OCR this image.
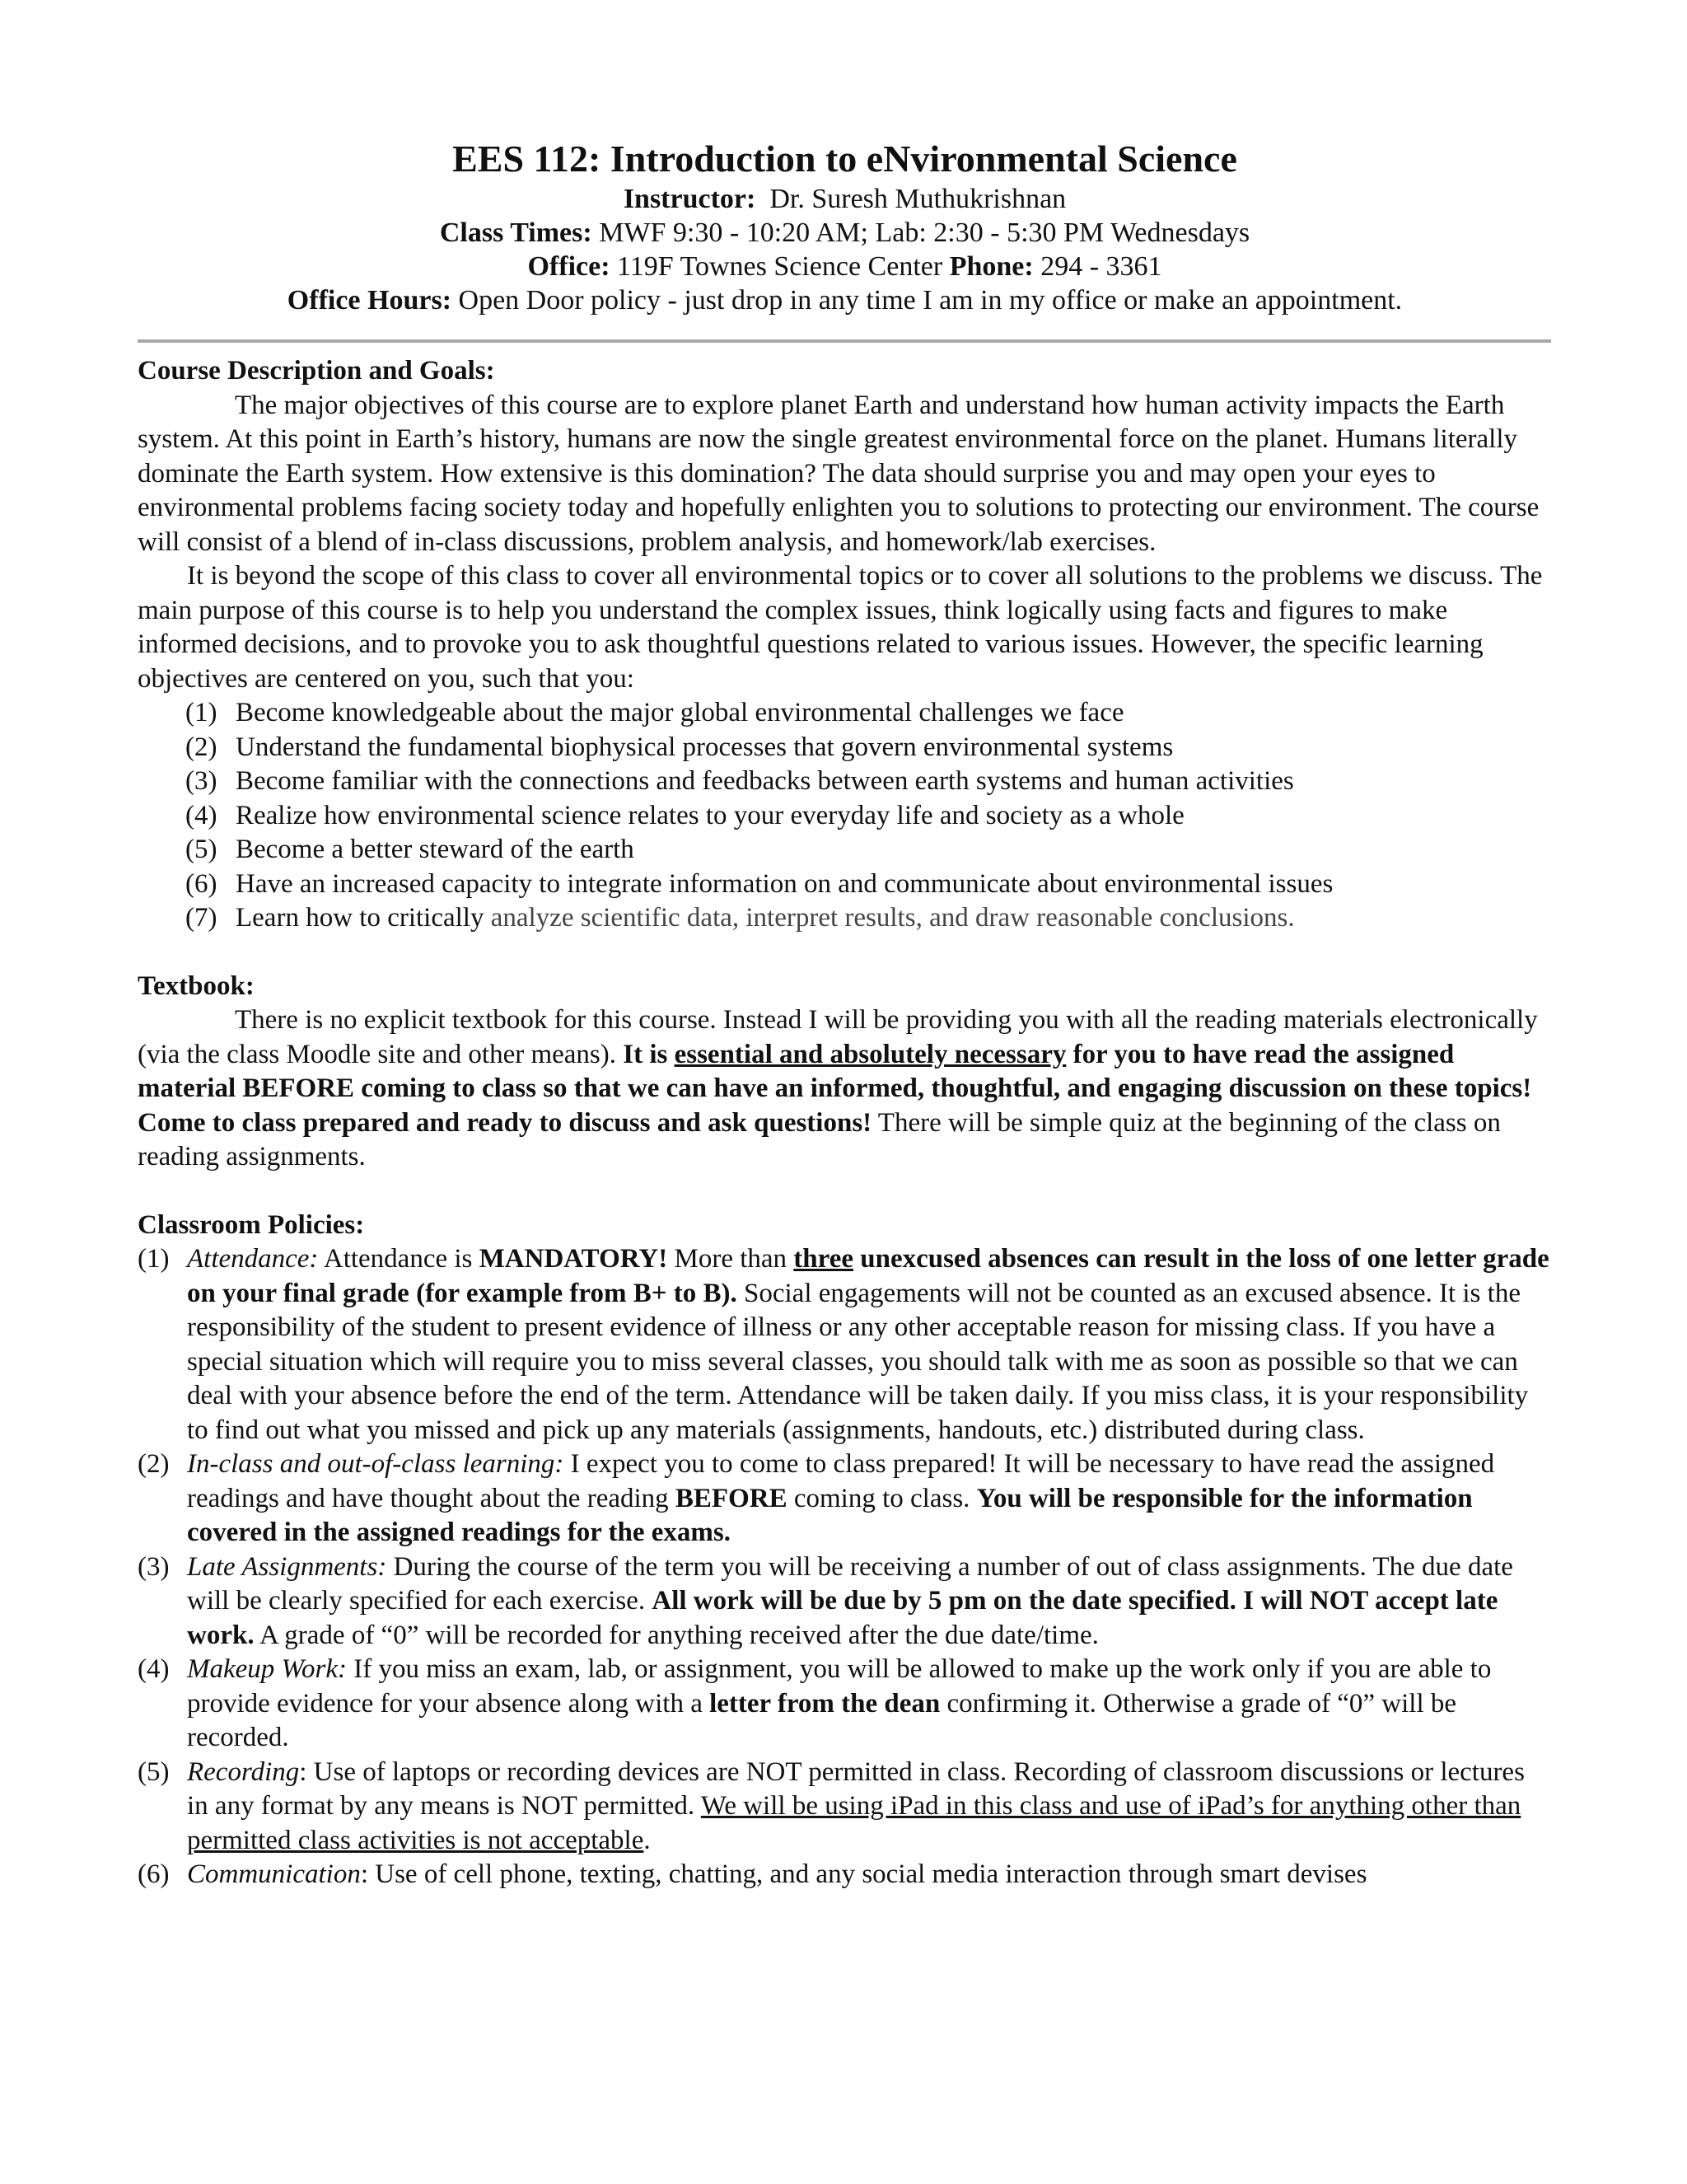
EES 112: Introduction to eNvironmental Science

Instructor: Dr. Suresh Muthukrishnan

Class Times: MWF 9:30 - 10:20 AM; Lab: 2:30 - 5:30 PM Wednesdays

Office: 119F Townes Science Center Phone: 294 - 3361

Office Hours: Open Door policy - just drop in any time I am in my office or make an appointment.

Course Description and Goals:

The major objectives of this course are to explore planet Earth and understand how human activity impacts the Earth system. At this point in Earth’s history, humans are now the single greatest environmental force on the planet. Humans literally dominate the Earth system. How extensive is this domination? The data should surprise you and may open your eyes to environmental problems facing society today and hopefully enlighten you to solutions to protecting our environment. The course will consist of a blend of in-class discussions, problem analysis, and homework/lab exercises.

It is beyond the scope of this class to cover all environmental topics or to cover all solutions to the problems we discuss. The main purpose of this course is to help you understand the complex issues, think logically using facts and figures to make informed decisions, and to provoke you to ask thoughtful questions related to various issues. However, the specific learning objectives are centered on you, such that you:

(1) Become knowledgeable about the major global environmental challenges we face
(2) Understand the fundamental biophysical processes that govern environmental systems
(3) Become familiar with the connections and feedbacks between earth systems and human activities
(4) Realize how environmental science relates to your everyday life and society as a whole
(5) Become a better steward of the earth
(6) Have an increased capacity to integrate information on and communicate about environmental issues
(7) Learn how to critically analyze scientific data, interpret results, and draw reasonable conclusions.

Textbook:

There is no explicit textbook for this course. Instead I will be providing you with all the reading materials electronically (via the class Moodle site and other means). It is essential and absolutely necessary for you to have read the assigned material BEFORE coming to class so that we can have an informed, thoughtful, and engaging discussion on these topics! Come to class prepared and ready to discuss and ask questions! There will be simple quiz at the beginning of the class on reading assignments.

Classroom Policies:

(1) Attendance: Attendance is MANDATORY! More than three unexcused absences can result in the loss of one letter grade on your final grade (for example from B+ to B). Social engagements will not be counted as an excused absence. It is the responsibility of the student to present evidence of illness or any other acceptable reason for missing class. If you have a special situation which will require you to miss several classes, you should talk with me as soon as possible so that we can deal with your absence before the end of the term. Attendance will be taken daily. If you miss class, it is your responsibility to find out what you missed and pick up any materials (assignments, handouts, etc.) distributed during class.
(2) In-class and out-of-class learning: I expect you to come to class prepared! It will be necessary to have read the assigned readings and have thought about the reading BEFORE coming to class. You will be responsible for the information covered in the assigned readings for the exams.
(3) Late Assignments: During the course of the term you will be receiving a number of out of class assignments. The due date will be clearly specified for each exercise. All work will be due by 5 pm on the date specified. I will NOT accept late work. A grade of “0” will be recorded for anything received after the due date/time.
(4) Makeup Work: If you miss an exam, lab, or assignment, you will be allowed to make up the work only if you are able to provide evidence for your absence along with a letter from the dean confirming it. Otherwise a grade of “0” will be recorded.
(5) Recording: Use of laptops or recording devices are NOT permitted in class. Recording of classroom discussions or lectures in any format by any means is NOT permitted. We will be using iPad in this class and use of iPad’s for anything other than permitted class activities is not acceptable.
(6) Communication: Use of cell phone, texting, chatting, and any social media interaction through smart devises
